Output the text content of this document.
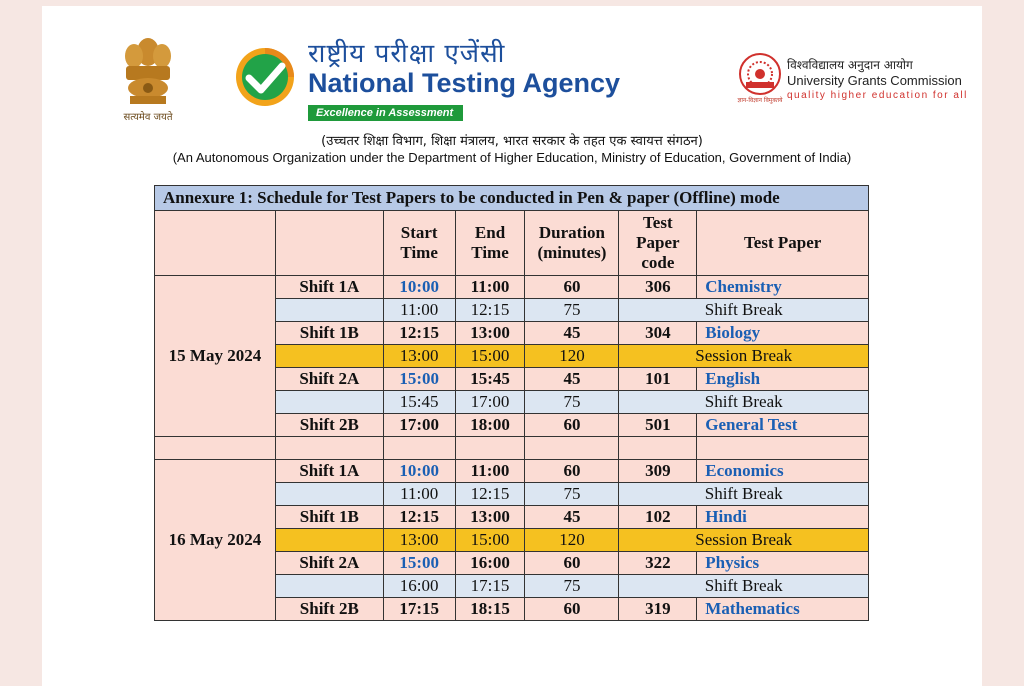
सत्यमेव जयते
राष्ट्रीय परीक्षा एजेंसी
National Testing Agency
Excellence in Assessment
ज्ञान-विज्ञान विमुक्तये
विश्वविद्यालय अनुदान आयोग
University Grants Commission
quality higher education for all
(उच्चतर शिक्षा विभाग, शिक्षा मंत्रालय, भारत सरकार के तहत एक स्वायत्त संगठन)
(An Autonomous Organization under the Department of Higher Education, Ministry of Education, Government of India)
Annexure 1: Schedule for Test Papers to be conducted in Pen & paper (Offline) mode						
		Start Time	End Time	Duration (minutes)	Test Paper code	Test Paper
15 May 2024	Shift 1A	10:00	11:00	60	306	Chemistry
		11:00	12:15	75	Shift Break	
	Shift 1B	12:15	13:00	45	304	Biology
		13:00	15:00	120	Session Break	
	Shift 2A	15:00	15:45	45	101	English
		15:45	17:00	75	Shift Break	
	Shift 2B	17:00	18:00	60	501	General Test

16 May 2024	Shift 1A	10:00	11:00	60	309	Economics
		11:00	12:15	75	Shift Break	
	Shift 1B	12:15	13:00	45	102	Hindi
		13:00	15:00	120	Session Break	
	Shift 2A	15:00	16:00	60	322	Physics
		16:00	17:15	75	Shift Break	
	Shift 2B	17:15	18:15	60	319	Mathematics
